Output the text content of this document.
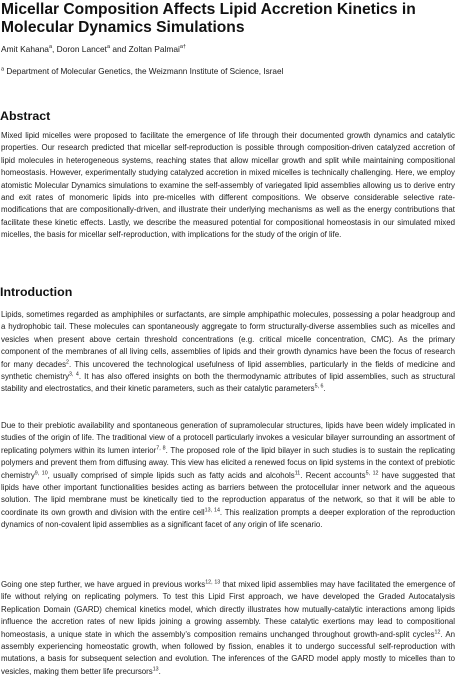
Micellar Composition Affects Lipid Accretion Kinetics in Molecular Dynamics Simulations

Amit Kahana$^a$, Doron Lancet$^a$ and Zoltan Palmai$^{a\dagger}$

$^a$ Department of Molecular Genetics, the Weizmann Institute of Science, Israel

Abstract

Mixed lipid micelles were proposed to facilitate the emergence of life through their documented growth dynamics and catalytic properties. Our research predicted that micellar self-reproduction is possible through composition-driven catalyzed accretion of lipid molecules in heterogeneous systems, reaching states that allow micellar growth and split while maintaining compositional homeostasis. However, experimentally studying catalyzed accretion in mixed micelles is technically challenging. Here, we employ atomistic Molecular Dynamics simulations to examine the self-assembly of variegated lipid assemblies allowing us to derive entry and exit rates of monomeric lipids into pre-micelles with different compositions. We observe considerable selective rate-modifications that are compositionally-driven, and illustrate their underlying mechanisms as well as the energy contributions that facilitate these kinetic effects. Lastly, we describe the measured potential for compositional homeostasis in our simulated mixed micelles, the basis for micellar self-reproduction, with implications for the study of the origin of life.

Introduction

Lipids, sometimes regarded as amphiphiles or surfactants, are simple amphipathic molecules, possessing a polar headgroup and a hydrophobic tail. These molecules can spontaneously aggregate to form structurally-diverse assemblies such as micelles and vesicles when present above certain threshold concentrations (e.g. critical micelle concentration, CMC). As the primary component of the membranes of all living cells, assemblies of lipids and their growth dynamics have been the focus of research for many decades$^2$. This uncovered the technological usefulness of lipid assemblies, particularly in the fields of medicine and synthetic chemistry$^{3, 4}$. It has also offered insights on both the thermodynamic attributes of lipid assemblies, such as structural stability and electrostatics, and their kinetic parameters, such as their catalytic parameters$^{5, 6}$.

Due to their prebiotic availability and spontaneous generation of supramolecular structures, lipids have been widely implicated in studies of the origin of life. The traditional view of a protocell particularly invokes a vesicular bilayer surrounding an assortment of replicating polymers within its lumen interior$^{7, 8}$. The proposed role of the lipid bilayer in such studies is to sustain the replicating polymers and prevent them from diffusing away. This view has elicited a renewed focus on lipid systems in the context of prebiotic chemistry$^{9, 10}$, usually comprised of simple lipids such as fatty acids and alcohols$^{11}$. Recent accounts$^{5, 12}$ have suggested that lipids have other important functionalities besides acting as barriers between the protocellular inner network and the aqueous solution. The lipid membrane must be kinetically tied to the reproduction apparatus of the network, so that it will be able to coordinate its own growth and division with the entire cell$^{13, 14}$. This realization prompts a deeper exploration of the reproduction dynamics of non-covalent lipid assemblies as a significant facet of any origin of life scenario.

Going one step further, we have argued in previous works$^{12, 13}$ that mixed lipid assemblies may have facilitated the emergence of life without relying on replicating polymers. To test this Lipid First approach, we have developed the Graded Autocatalysis Replication Domain (GARD) chemical kinetics model, which directly illustrates how mutually-catalytic interactions among lipids influence the accretion rates of new lipids joining a growing assembly. These catalytic exertions may lead to compositional homeostasis, a unique state in which the assembly’s composition remains unchanged throughout growth-and-split cycles$^{12}$. An assembly experiencing homeostatic growth, when followed by fission, enables it to undergo successful self-reproduction with mutations, a basis for subsequent selection and evolution. The inferences of the GARD model apply mostly to micelles than to vesicles, making them better life precursors$^{13}$.
